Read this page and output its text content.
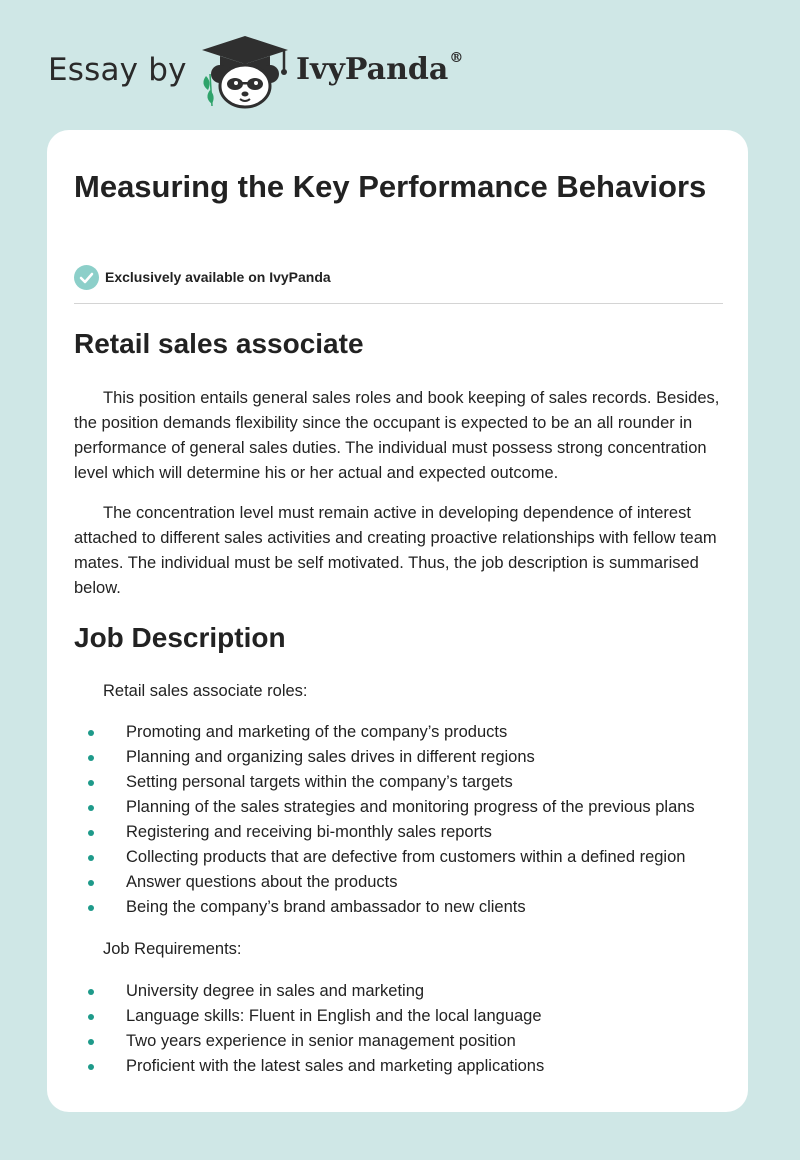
Essay by	IvyPanda®
Measuring the Key Performance Behaviors
Exclusively available on IvyPanda
Retail sales associate

This position entails general sales roles and book keeping of sales records. Besides, the position demands flexibility since the occupant is expected to be an all rounder in performance of general sales duties. The individual must possess strong concentration level which will determine his or her actual and expected outcome.

The concentration level must remain active in developing dependence of interest attached to different sales activities and creating proactive relationships with fellow team mates. The individual must be self motivated. Thus, the job description is summarised below.

Job Description

Retail sales associate roles:

Promoting and marketing of the company’s products
Planning and organizing sales drives in different regions
Setting personal targets within the company’s targets
Planning of the sales strategies and monitoring progress of the previous plans
Registering and receiving bi-monthly sales reports
Collecting products that are defective from customers within a defined region
Answer questions about the products
Being the company’s brand ambassador to new clients

Job Requirements:

University degree in sales and marketing
Language skills: Fluent in English and the local language
Two years experience in senior management position
Proficient with the latest sales and marketing applications
